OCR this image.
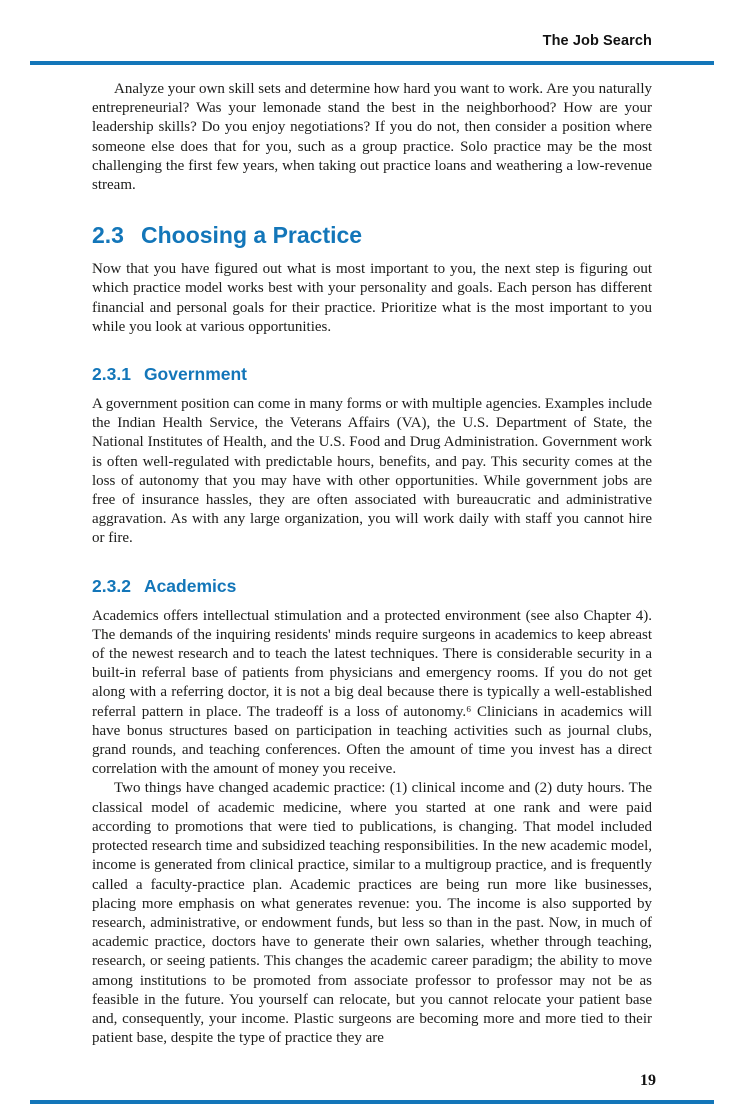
The Job Search

Analyze your own skill sets and determine how hard you want to work. Are you naturally entrepreneurial? Was your lemonade stand the best in the neighborhood? How are your leadership skills? Do you enjoy negotiations? If you do not, then consider a position where someone else does that for you, such as a group practice. Solo practice may be the most challenging the first few years, when taking out practice loans and weathering a low-revenue stream.

2.3 Choosing a Practice

Now that you have figured out what is most important to you, the next step is figuring out which practice model works best with your personality and goals. Each person has different financial and personal goals for their practice. Prioritize what is the most important to you while you look at various opportunities.

2.3.1 Government

A government position can come in many forms or with multiple agencies. Examples include the Indian Health Service, the Veterans Affairs (VA), the U.S. Department of State, the National Institutes of Health, and the U.S. Food and Drug Administration. Government work is often well-regulated with predictable hours, benefits, and pay. This security comes at the loss of autonomy that you may have with other opportunities. While government jobs are free of insurance hassles, they are often associated with bureaucratic and administrative aggravation. As with any large organization, you will work daily with staff you cannot hire or fire.

2.3.2 Academics

Academics offers intellectual stimulation and a protected environment (see also Chapter 4). The demands of the inquiring residents' minds require surgeons in academics to keep abreast of the newest research and to teach the latest techniques. There is considerable security in a built-in referral base of patients from physicians and emergency rooms. If you do not get along with a referring doctor, it is not a big deal because there is typically a well-established referral pattern in place. The tradeoff is a loss of autonomy.⁶ Clinicians in academics will have bonus structures based on participation in teaching activities such as journal clubs, grand rounds, and teaching conferences. Often the amount of time you invest has a direct correlation with the amount of money you receive.

Two things have changed academic practice: (1) clinical income and (2) duty hours. The classical model of academic medicine, where you started at one rank and were paid according to promotions that were tied to publications, is changing. That model included protected research time and subsidized teaching responsibilities. In the new academic model, income is generated from clinical practice, similar to a multigroup practice, and is frequently called a faculty-practice plan. Academic practices are being run more like businesses, placing more emphasis on what generates revenue: you. The income is also supported by research, administrative, or endowment funds, but less so than in the past. Now, in much of academic practice, doctors have to generate their own salaries, whether through teaching, research, or seeing patients. This changes the academic career paradigm; the ability to move among institutions to be promoted from associate professor to professor may not be as feasible in the future. You yourself can relocate, but you cannot relocate your patient base and, consequently, your income. Plastic surgeons are becoming more and more tied to their patient base, despite the type of practice they are

19
